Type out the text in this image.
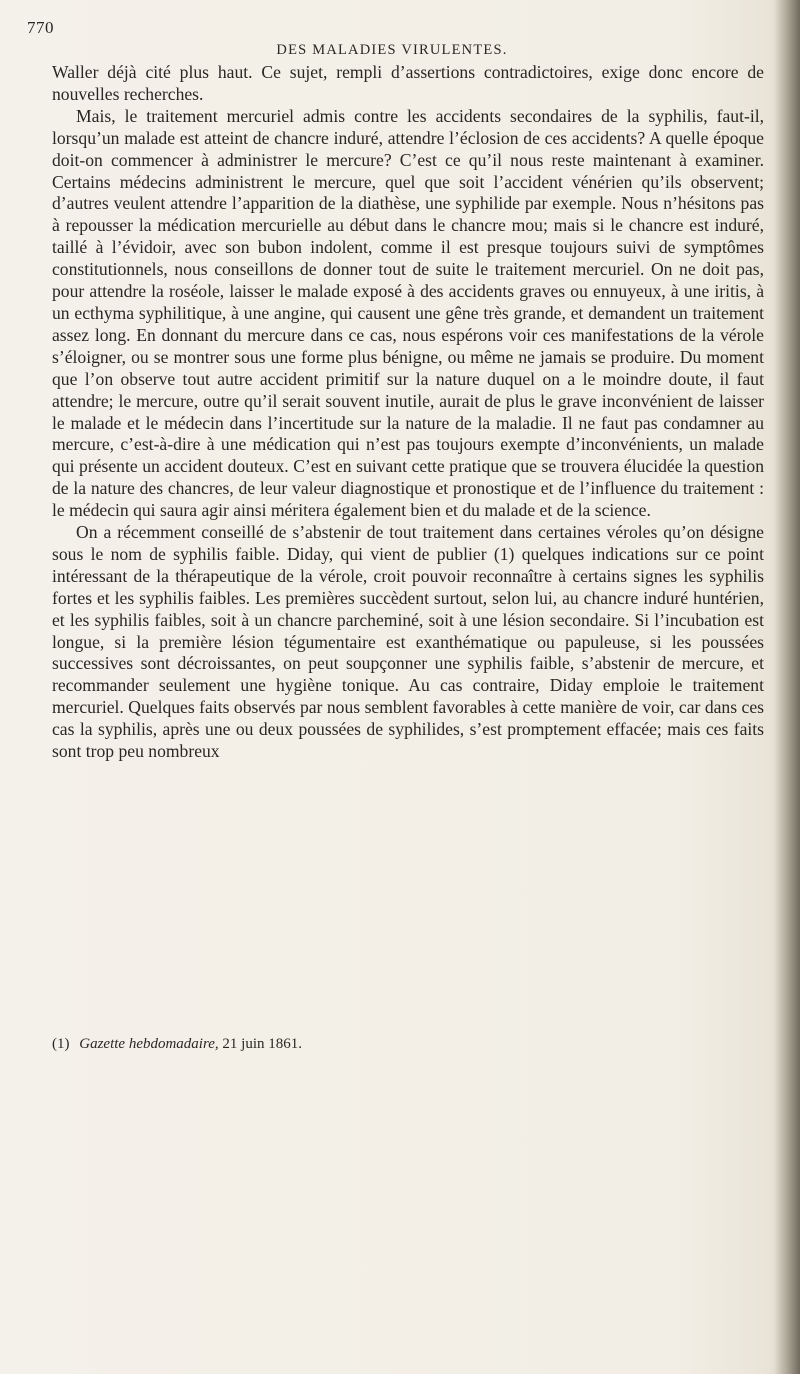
770
DES MALADIES VIRULENTES.

Waller déjà cité plus haut. Ce sujet, rempli d’assertions contradictoires, exige donc encore de nouvelles recherches.

Mais, le traitement mercuriel admis contre les accidents secondaires de la syphilis, faut-il, lorsqu’un malade est atteint de chancre induré, attendre l’éclosion de ces accidents? A quelle époque doit-on commencer à administrer le mercure? C’est ce qu’il nous reste maintenant à examiner. Certains médecins administrent le mercure, quel que soit l’accident vénérien qu’ils observent; d’autres veulent attendre l’apparition de la diathèse, une syphilide par exemple. Nous n’hésitons pas à repousser la médication mercurielle au début dans le chancre mou; mais si le chancre est induré, taillé à l’évidoir, avec son bubon indolent, comme il est presque toujours suivi de symptômes constitutionnels, nous conseillons de donner tout de suite le traitement mercuriel. On ne doit pas, pour attendre la roséole, laisser le malade exposé à des accidents graves ou ennuyeux, à une iritis, à un ecthyma syphilitique, à une angine, qui causent une gêne très grande, et demandent un traitement assez long. En donnant du mercure dans ce cas, nous espérons voir ces manifestations de la vérole s’éloigner, ou se montrer sous une forme plus bénigne, ou même ne jamais se produire. Du moment que l’on observe tout autre accident primitif sur la nature duquel on a le moindre doute, il faut attendre; le mercure, outre qu’il serait souvent inutile, aurait de plus le grave inconvénient de laisser le malade et le médecin dans l’incertitude sur la nature de la maladie. Il ne faut pas condamner au mercure, c’est-à-dire à une médication qui n’est pas toujours exempte d’inconvénients, un malade qui présente un accident douteux. C’est en suivant cette pratique que se trouvera élucidée la question de la nature des chancres, de leur valeur diagnostique et pronostique et de l’influence du traitement : le médecin qui saura agir ainsi méritera également bien et du malade et de la science.

On a récemment conseillé de s’abstenir de tout traitement dans certaines véroles qu’on désigne sous le nom de syphilis faible. Diday, qui vient de publier (1) quelques indications sur ce point intéressant de la thérapeutique de la vérole, croit pouvoir reconnaître à certains signes les syphilis fortes et les syphilis faibles. Les premières succèdent surtout, selon lui, au chancre induré huntérien, et les syphilis faibles, soit à un chancre parcheminé, soit à une lésion secondaire. Si l’incubation est longue, si la première lésion tégumentaire est exanthématique ou papuleuse, si les poussées successives sont décroissantes, on peut soupçonner une syphilis faible, s’abstenir de mercure, et recommander seulement une hygiène tonique. Au cas contraire, Diday emploie le traitement mercuriel. Quelques faits observés par nous semblent favorables à cette manière de voir, car dans ces cas la syphilis, après une ou deux poussées de syphilides, s’est promptement effacée; mais ces faits sont trop peu nombreux

(1) Gazette hebdomadaire, 21 juin 1861.
